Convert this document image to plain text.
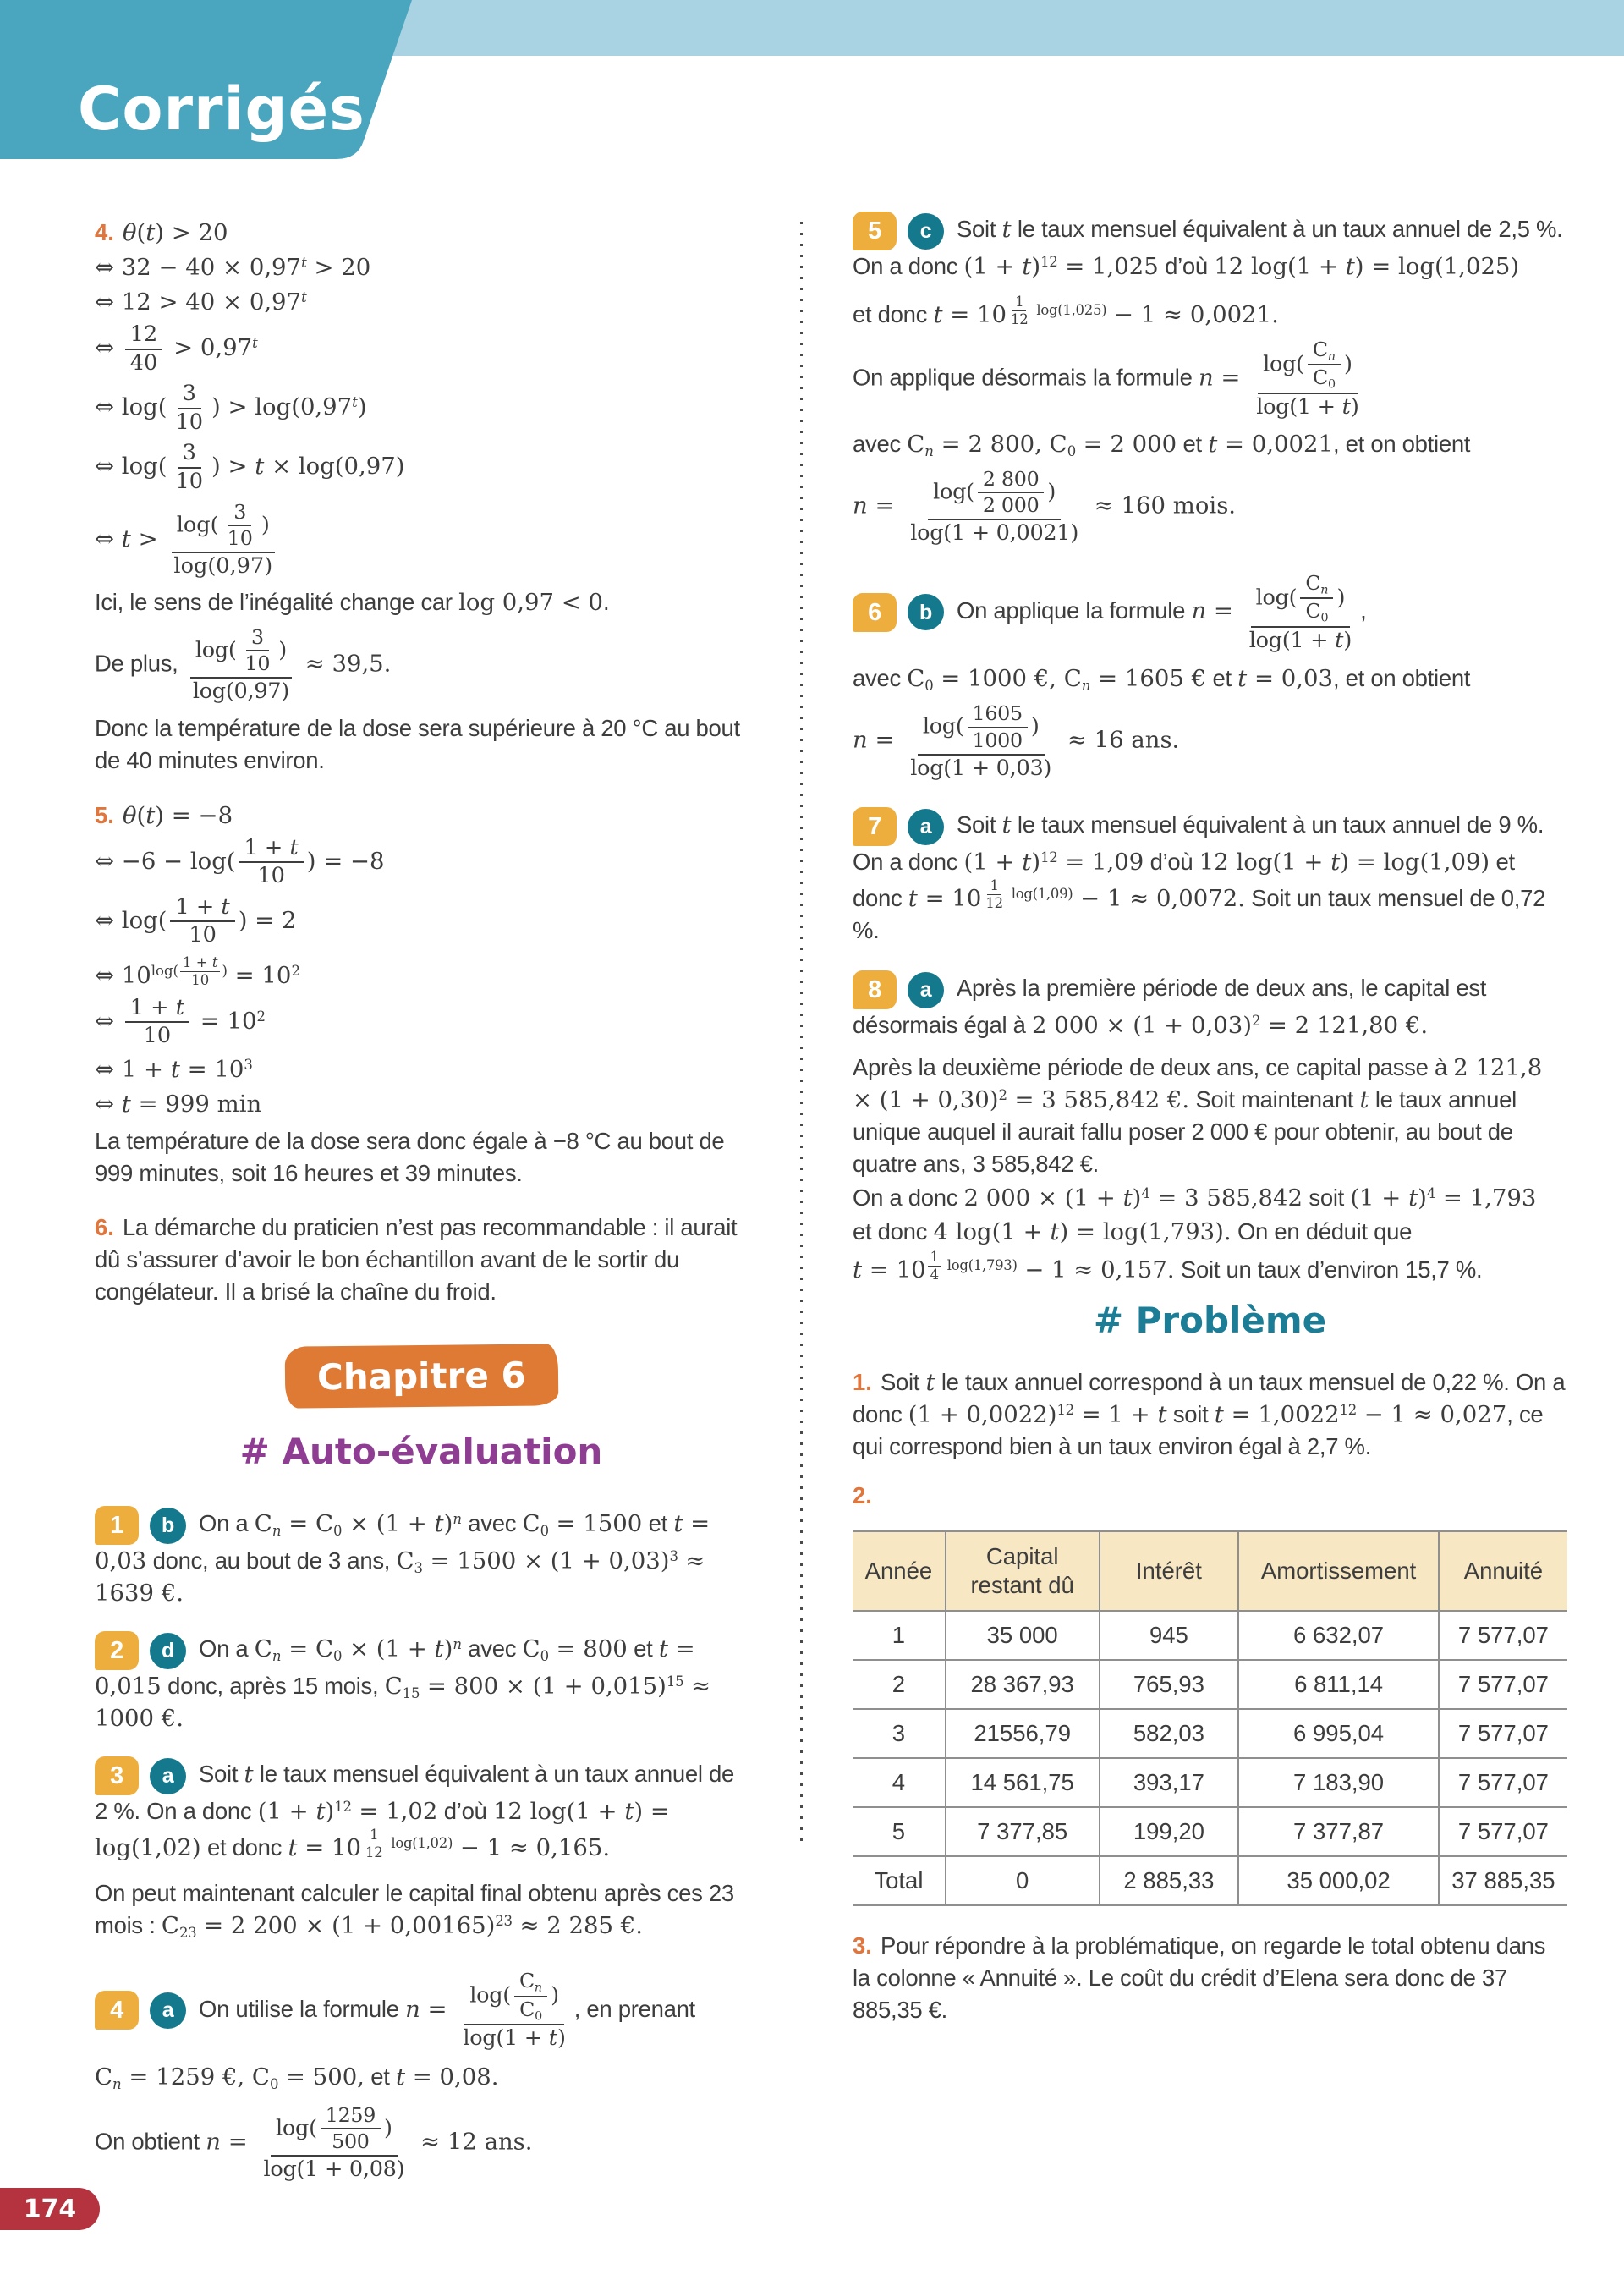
Corrigés
4. θ(t) > 20
⇔ $32 - 40 \times 0,97^t > 20$
⇔ $12 > 40 \times 0,97^t$
⇔ $\frac{12}{40} > 0,97^t$
⇔ $\log( \frac{3}{10}$ ) > $\log(0,97^t)$
⇔ $\log( \frac{3}{10}$ ) > t × log(0,97)
⇔ $t > \frac{\log( \frac{3}{10} )}{\log(0,97)}$

Ici, le sens de l’inégalité change car log 0,97 < 0.

De plus, $\frac{\log( \frac{3}{10} )}{\log(0,97)} \approx 39,5$.

Donc la température de la dose sera supérieure à 20 °C au bout de 40 minutes environ.

5. θ(t) = −8
⇔ $-6 - \log( \frac{1 + t}{10}$ ) = −8
⇔ $\log( \frac{1 + t}{10}$ ) = 2
⇔ $10^{log( \frac{1 + t}{10} )} = 10^2$
⇔ $\frac{1 + t}{10} = 10^2$
⇔ $1 + t = 10^3$
⇔ t = 999 min

La température de la dose sera donc égale à −8 °C au bout de 999 minutes, soit 16 heures et 39 minutes.

6. La démarche du praticien n’est pas recommandable : il aurait dû s’assurer d’avoir le bon échantillon avant de le sortir du congélateur. Il a brisé la chaîne du froid.

Chapitre 6
# Auto-évaluation

1 b On a $C_n = C_0 \times (1 + t)^n$ avec $C_0 = 1500$ et t = 0,03 donc, au bout de 3 ans, $C_3 = 1500 \times (1 + 0,03)^3 \approx 1639$ €.

2 d On a $C_n = C_0 \times (1 + t)^n$ avec $C_0 = 800$ et t = 0,015 donc, après 15 mois, $C_{15} = 800 \times (1 + 0,015)^{15} \approx 1000$ €.

3 a Soit t le taux mensuel équivalent à un taux annuel de 2 %. On a donc $(1 + t)^{12} = 1,02$ d’où 12 log(1 + t) = log(1,02) et donc t = 10 $^{\frac{1}{12} log(1,02)}$ − 1 ≈ 0,165.

On peut maintenant calculer le capital final obtenu après ces 23 mois : $C_{23} = 2$ $200 \times (1 + 0,00165)^{23} \approx 2$ 285 €.

4 a On utilise la formule $n = \frac{\log( \frac{C_n}{C_0} )}{\log(1 + t)}$ , en prenant

$C_n = 1259$ €, $C_0 = 500$, et t = 0,08.

On obtient $n = \frac{\log( \frac{1259}{500} )}{\log(1 + 0,08)} \approx 12$ ans.

5 c Soit t le taux mensuel équivalent à un taux annuel de 2,5 %. On a donc $(1 + t)^{12} = 1,025$ d’où 12 log(1 + t) = log(1,025)

et donc t = 10 $^{\frac{1}{12} log(1,025)}$ − 1 ≈ 0,0021.

On applique désormais la formule $n = \frac{\log( \frac{C_n}{C_0} )}{\log(1 + t)}$

avec $C_n = 2$ 800, $C_0 = 2$ 000 et t = 0,0021, et on obtient

$n = \frac{\log( \frac{2 800}{2 000} )}{\log(1 + 0,0021)} \approx 160$ mois.

6 b On applique la formule $n = \frac{\log( \frac{C_n}{C_0} )}{\log(1 + t)}$ ,

avec $C_0 = 1000$ €, $C_n = 1605$ € et t = 0,03, et on obtient

$n = \frac{\log( \frac{1605}{1000} )}{\log(1 + 0,03)} \approx 16$ ans.

7 a Soit t le taux mensuel équivalent à un taux annuel de 9 %. On a donc $(1 + t)^{12} = 1,09$ d’où 12 log(1 + t) = log(1,09) et donc t = 10 $^{\frac{1}{12} log(1,09)}$ − 1 ≈ 0,0072. Soit un taux mensuel de 0,72 %.

8 a Après la première période de deux ans, le capital est désormais égal à 2 $000 \times (1 + 0,03)^2 = 2$ 121,80 €.

Après la deuxième période de deux ans, ce capital passe à 2 $121,8 \times (1 + 0,30)^2 = 3$ 585,842 €. Soit maintenant t le taux annuel unique auquel il aurait fallu poser 2 000 € pour obtenir, au bout de quatre ans, 3 585,842 €.

On a donc 2 $000 \times (1 + t)^4 = 3$ 585,842 soit $(1 + t)^4 = 1,793$

et donc 4 log(1 + t) = log(1,793). On en déduit que

t = 10 $^{\frac{1}{4} log(1,793)}$ − 1 ≈ 0,157. Soit un taux d’environ 15,7 %.

# Problème

1. Soit t le taux annuel correspond à un taux mensuel de 0,22 %. On a donc $(1 + 0,0022)^{12} = 1 + t$ soit $t = 1,0022^{12} - 1 \approx 0,027$, ce qui correspond bien à un taux environ égal à 2,7 %.

2.

Année	Capital restant dû	Intérêt	Amortissement	Annuité
1	35 000	945	6 632,07	7 577,07
2	28 367,93	765,93	6 811,14	7 577,07
3	21556,79	582,03	6 995,04	7 577,07
4	14 561,75	393,17	7 183,90	7 577,07
5	7 377,85	199,20	7 377,87	7 577,07
Total	0	2 885,33	35 000,02	37 885,35

3. Pour répondre à la problématique, on regarde le total obtenu dans la colonne « Annuité ». Le coût du crédit d’Elena sera donc de 37 885,35 €.

174
